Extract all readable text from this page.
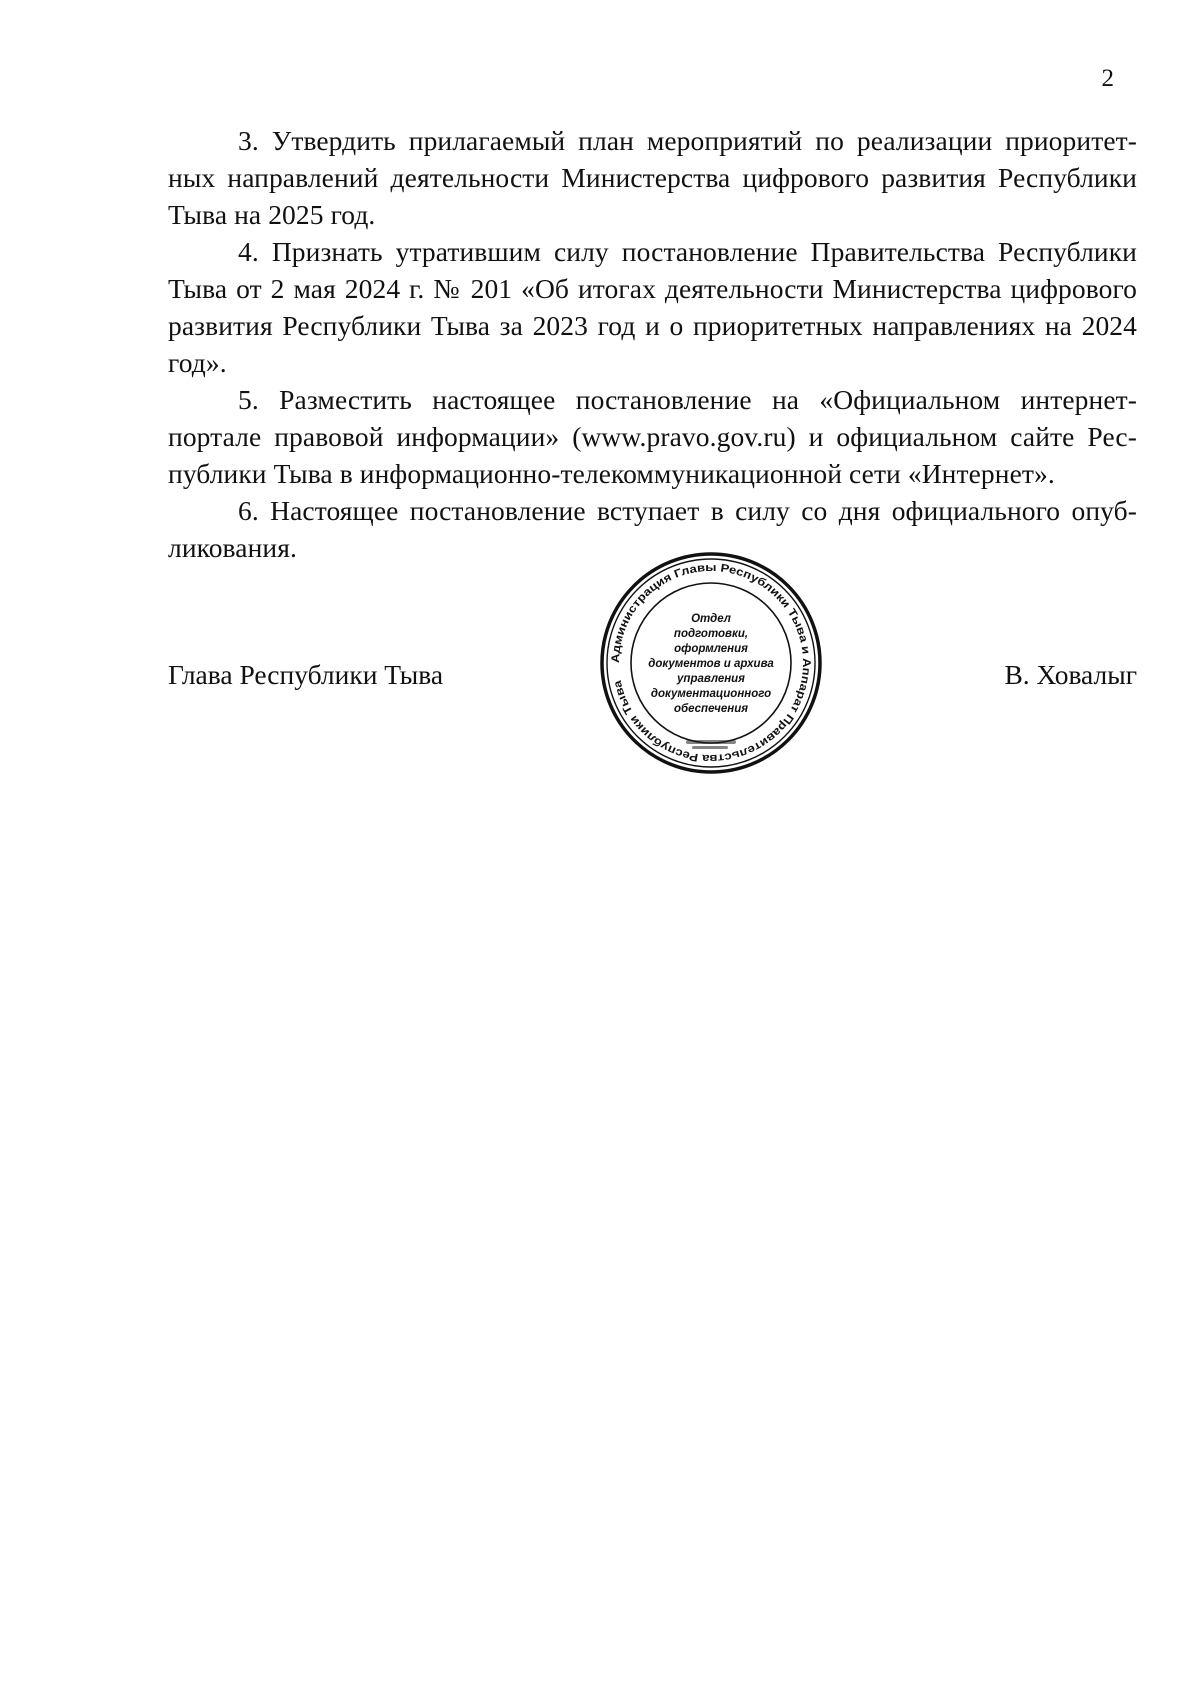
2

3. Утвердить прилагаемый план мероприятий по реализации приоритет-ных направлений деятельности Министерства цифрового развития Республики Тыва на 2025 год.

4. Признать утратившим силу постановление Правительства Республики Тыва от 2 мая 2024 г. № 201 «Об итогах деятельности Министерства цифрового развития Республики Тыва за 2023 год и о приоритетных направлениях на 2024 год».

5. Разместить настоящее постановление на «Официальном интернет-портале правовой информации» (www.pravo.gov.ru) и официальном сайте Рес-публики Тыва в информационно-телекоммуникационной сети «Интернет».

6. Настоящее постановление вступает в силу со дня официального опуб-ликования.

Глава Республики Тыва	В. Ховалыг
Администрация Главы Республики Тыва и Аппарат Правительства Республики Тыва
Отдел
подготовки,
оформления
документов и архива
управления
документационного
обеспечения
